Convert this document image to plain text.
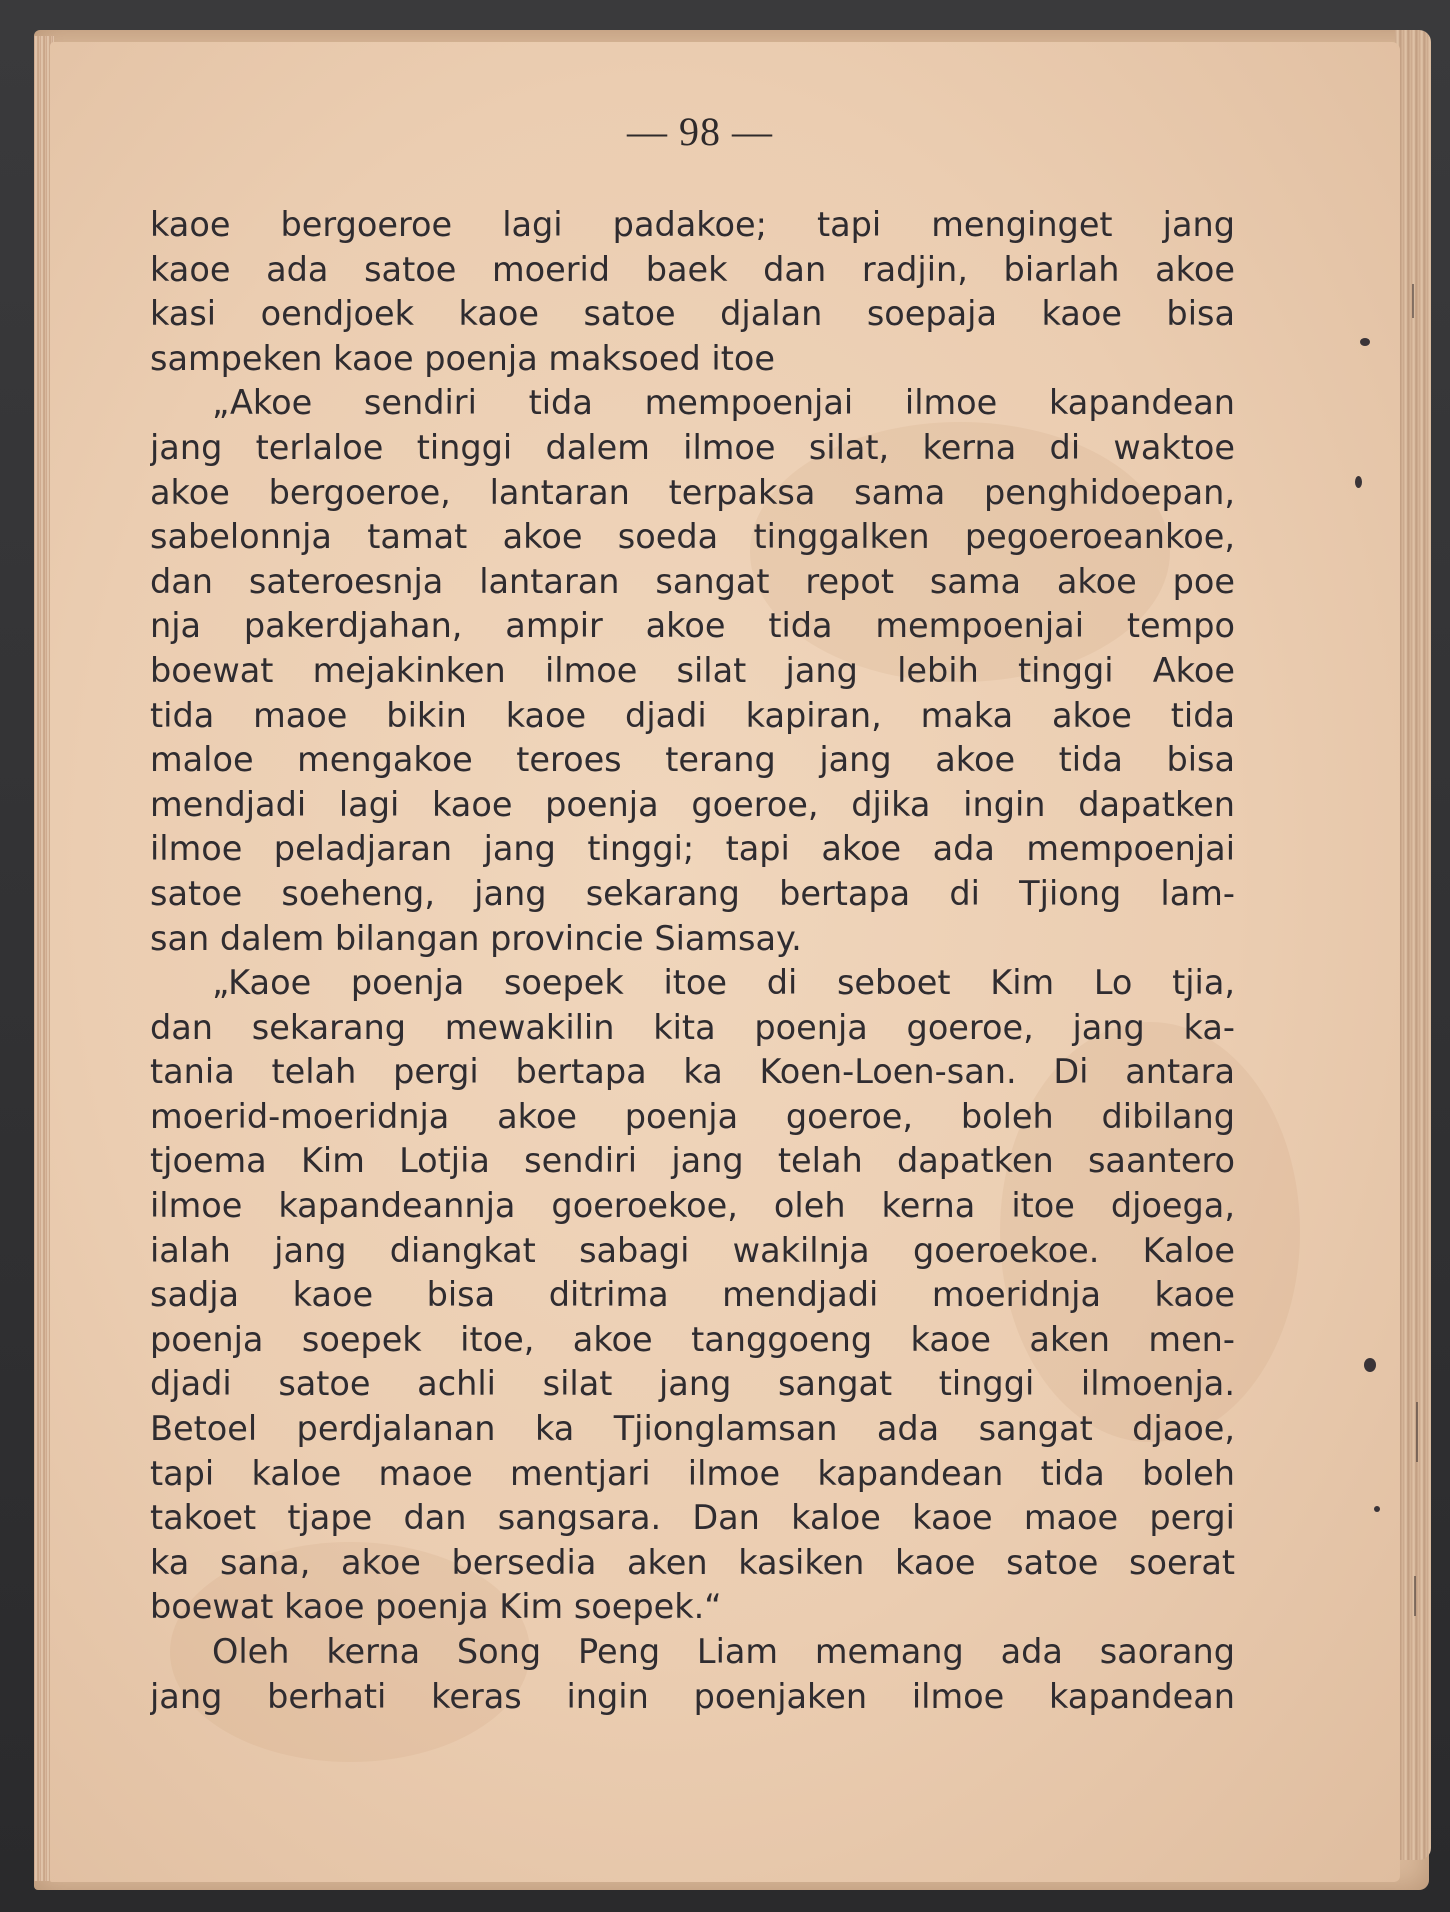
— 98 —
kaoe bergoeroe lagi padakoe; tapi menginget jang
kaoe ada satoe moerid baek dan radjin, biarlah akoe
kasi oendjoek kaoe satoe djalan soepaja kaoe bisa
sampeken kaoe poenja maksoed itoe
„Akoe sendiri tida mempoenjai ilmoe kapandean
jang terlaloe tinggi dalem ilmoe silat, kerna di waktoe
akoe bergoeroe, lantaran terpaksa sama penghidoepan,
sabelonnja tamat akoe soeda tinggalken pegoeroeankoe,
dan sateroesnja lantaran sangat repot sama akoe poe
nja pakerdjahan, ampir akoe tida mempoenjai tempo
boewat mejakinken ilmoe silat jang lebih tinggi Akoe
tida maoe bikin kaoe djadi kapiran, maka akoe tida
maloe mengakoe teroes terang jang akoe tida bisa
mendjadi lagi kaoe poenja goeroe, djika ingin dapatken
ilmoe peladjaran jang tinggi; tapi akoe ada mempoenjai
satoe soeheng, jang sekarang bertapa di Tjiong lam-
san dalem bilangan provincie Siamsay.
„Kaoe poenja soepek itoe di seboet Kim Lo tjia,
dan sekarang mewakilin kita poenja goeroe, jang ka-
tania telah pergi bertapa ka Koen-Loen-san. Di antara
moerid-moeridnja akoe poenja goeroe, boleh dibilang
tjoema Kim Lotjia sendiri jang telah dapatken saantero
ilmoe kapandeannja goeroekoe, oleh kerna itoe djoega,
ialah jang diangkat sabagi wakilnja goeroekoe. Kaloe
sadja kaoe bisa ditrima mendjadi moeridnja kaoe
poenja soepek itoe, akoe tanggoeng kaoe aken men-
djadi satoe achli silat jang sangat tinggi ilmoenja.
Betoel perdjalanan ka Tjionglamsan ada sangat djaoe,
tapi kaloe maoe mentjari ilmoe kapandean tida boleh
takoet tjape dan sangsara. Dan kaloe kaoe maoe pergi
ka sana, akoe bersedia aken kasiken kaoe satoe soerat
boewat kaoe poenja Kim soepek.“
Oleh kerna Song Peng Liam memang ada saorang
jang berhati keras ingin poenjaken ilmoe kapandean
